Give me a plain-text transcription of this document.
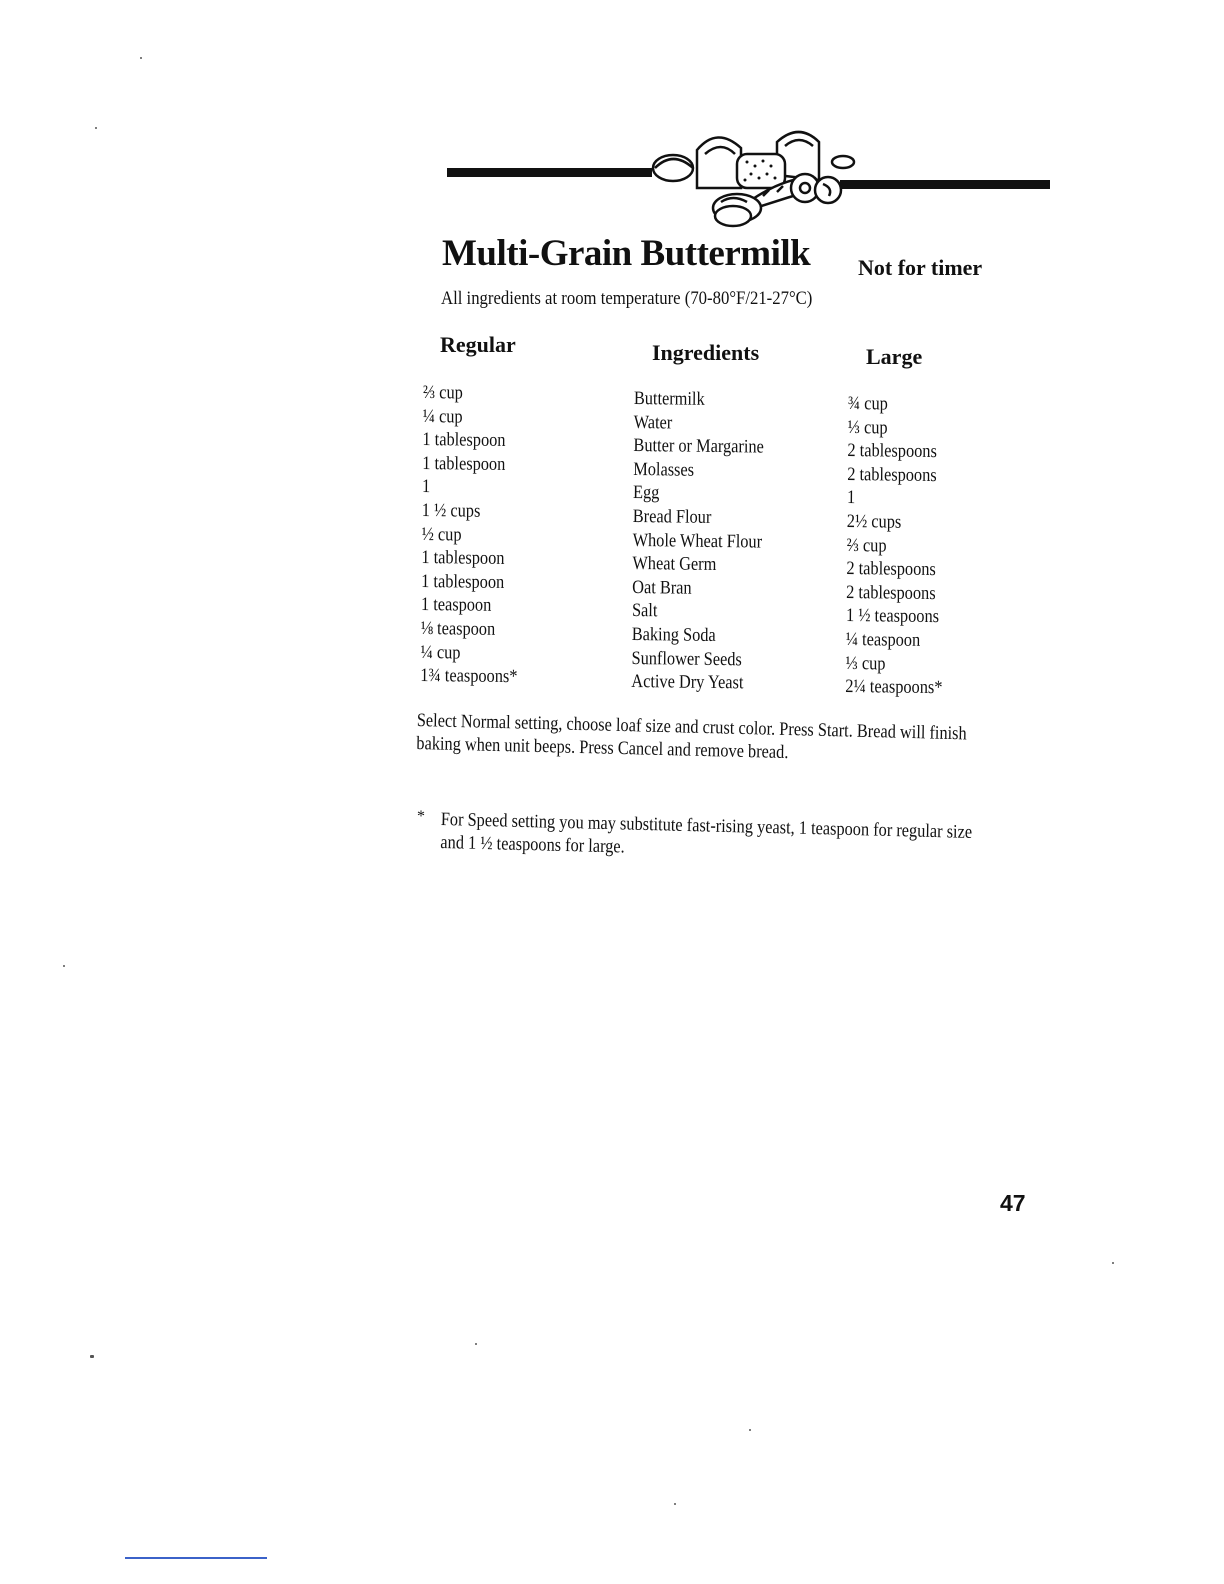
Multi-Grain Buttermilk Not for timer
All ingredients at room temperature (70-80°F/21-27°C)
Regular	Ingredients	Large
⅔ cup
¼ cup
1 tablespoon
1 tablespoon
1
1 ½ cups
½ cup
1 tablespoon
1 tablespoon
1 teaspoon
⅛ teaspoon
¼ cup
1¾ teaspoons*
Buttermilk
Water
Butter or Margarine
Molasses
Egg
Bread Flour
Whole Wheat Flour
Wheat Germ
Oat Bran
Salt
Baking Soda
Sunflower Seeds
Active Dry Yeast
¾ cup
⅓ cup
2 tablespoons
2 tablespoons
1
2½ cups
⅔ cup
2 tablespoons
2 tablespoons
1 ½ teaspoons
¼ teaspoon
⅓ cup
2¼ teaspoons*
Select Normal setting, choose loaf size and crust color. Press Start. Bread will finish baking when unit beeps. Press Cancel and remove bread.
* For Speed setting you may substitute fast-rising yeast, 1 teaspoon for regular size and 1 ½ teaspoons for large.
47
